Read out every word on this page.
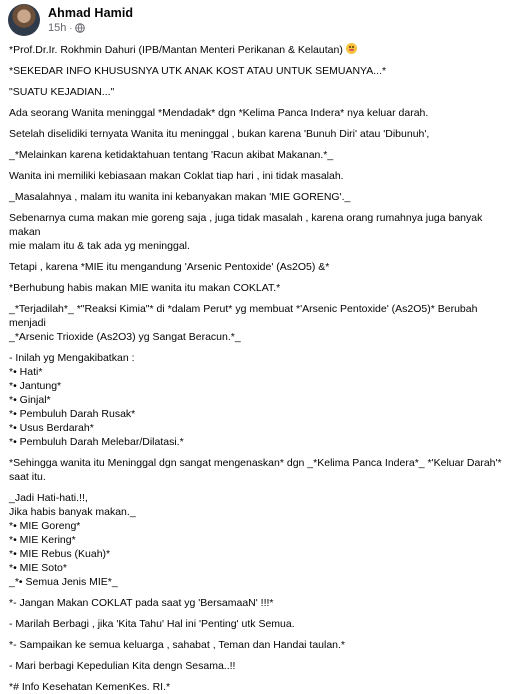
Ahmad Hamid
15h ·

*Prof.Dr.Ir. Rokhmin Dahuri (IPB/Mantan Menteri Perikanan & Kelautan)

*SEKEDAR INFO KHUSUSNYA UTK ANAK KOST ATAU UNTUK SEMUANYA...*

"SUATU KEJADIAN..."

Ada seorang Wanita meninggal *Mendadak* dgn *Kelima Panca Indera* nya keluar darah.

Setelah diselidiki ternyata Wanita itu meninggal , bukan karena 'Bunuh Diri' atau 'Dibunuh',

_*Melainkan karena ketidaktahuan tentang 'Racun akibat Makanan.*_

Wanita ini memiliki kebiasaan makan Coklat tiap hari , ini tidak masalah.

_Masalahnya , malam itu wanita ini kebanyakan makan 'MIE GORENG'._

Sebenarnya cuma makan mie goreng saja , juga tidak masalah , karena orang rumahnya juga banyak makan
mie malam itu & tak ada yg meninggal.

Tetapi , karena *MIE itu mengandung 'Arsenic Pentoxide' (As2O5) &*

*Berhubung habis makan MIE wanita itu makan COKLAT.*

_*Terjadilah*_ *"Reaksi Kimia"* di *dalam Perut* yg membuat *'Arsenic Pentoxide' (As2O5)* Berubah menjadi
_*Arsenic Trioxide (As2O3) yg Sangat Beracun.*_

- Inilah yg Mengakibatkan :
*• Hati*
*• Jantung*
*• Ginjal*
*• Pembuluh Darah Rusak*
*• Usus Berdarah*
*• Pembuluh Darah Melebar/Dilatasi.*

*Sehingga wanita itu Meninggal dgn sangat mengenaskan* dgn _*Kelima Panca Indera*_ *'Keluar Darah'*
saat itu.

_Jadi Hati-hati.!!,
Jika habis banyak makan._
*• MIE Goreng*
*• MIE Kering*
*• MIE Rebus (Kuah)*
*• MIE Soto*
_*• Semua Jenis MIE*_

*- Jangan Makan COKLAT pada saat yg 'BersamaaN' !!!*

- Marilah Berbagi , jika 'Kita Tahu' Hal ini 'Penting' utk Semua.

*- Sampaikan ke semua keluarga , sahabat , Teman dan Handai taulan.*

- Mari berbagi Kepedulian Kita dengn Sesama..!!

*# Info Kesehatan KemenKes. RI.*
